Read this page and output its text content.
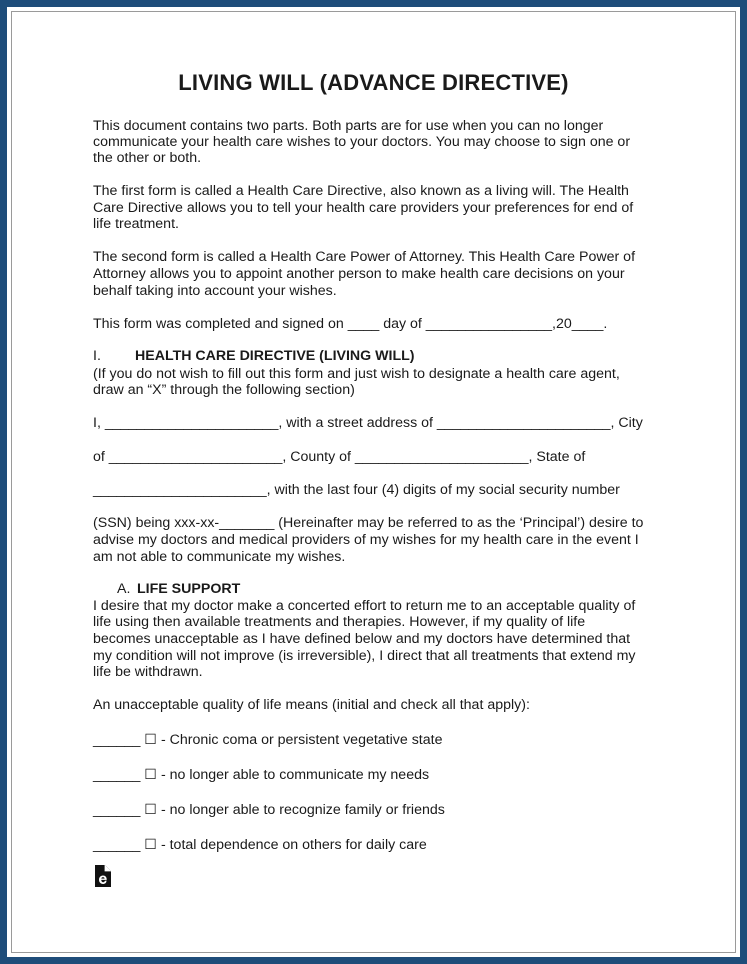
LIVING WILL (ADVANCE DIRECTIVE)

This document contains two parts. Both parts are for use when you can no longer

communicate your health care wishes to your doctors. You may choose to sign one or

the other or both.

The first form is called a Health Care Directive, also known as a living will. The Health

Care Directive allows you to tell your health care providers your preferences for end of

life treatment.

The second form is called a Health Care Power of Attorney. This Health Care Power of

Attorney allows you to appoint another person to make health care decisions on your

behalf taking into account your wishes.

This form was completed and signed on ____ day of ________________,20____.

I. HEALTH CARE DIRECTIVE (LIVING WILL)

(If you do not wish to fill out this form and just wish to designate a health care agent,

draw an “X” through the following section)

I, ______________________, with a street address of ______________________, City

of ______________________, County of ______________________, State of

______________________, with the last four (4) digits of my social security number

(SSN) being xxx-xx-_______ (Hereinafter may be referred to as the ‘Principal’) desire to

advise my doctors and medical providers of my wishes for my health care in the event I

am not able to communicate my wishes.

A. LIFE SUPPORT

I desire that my doctor make a concerted effort to return me to an acceptable quality of

life using then available treatments and therapies. However, if my quality of life

becomes unacceptable as I have defined below and my doctors have determined that

my condition will not improve (is irreversible), I direct that all treatments that extend my

life be withdrawn.

An unacceptable quality of life means (initial and check all that apply):

______ ☐ - Chronic coma or persistent vegetative state

______ ☐ - no longer able to communicate my needs

______ ☐ - no longer able to recognize family or friends

______ ☐ - total dependence on others for daily care
